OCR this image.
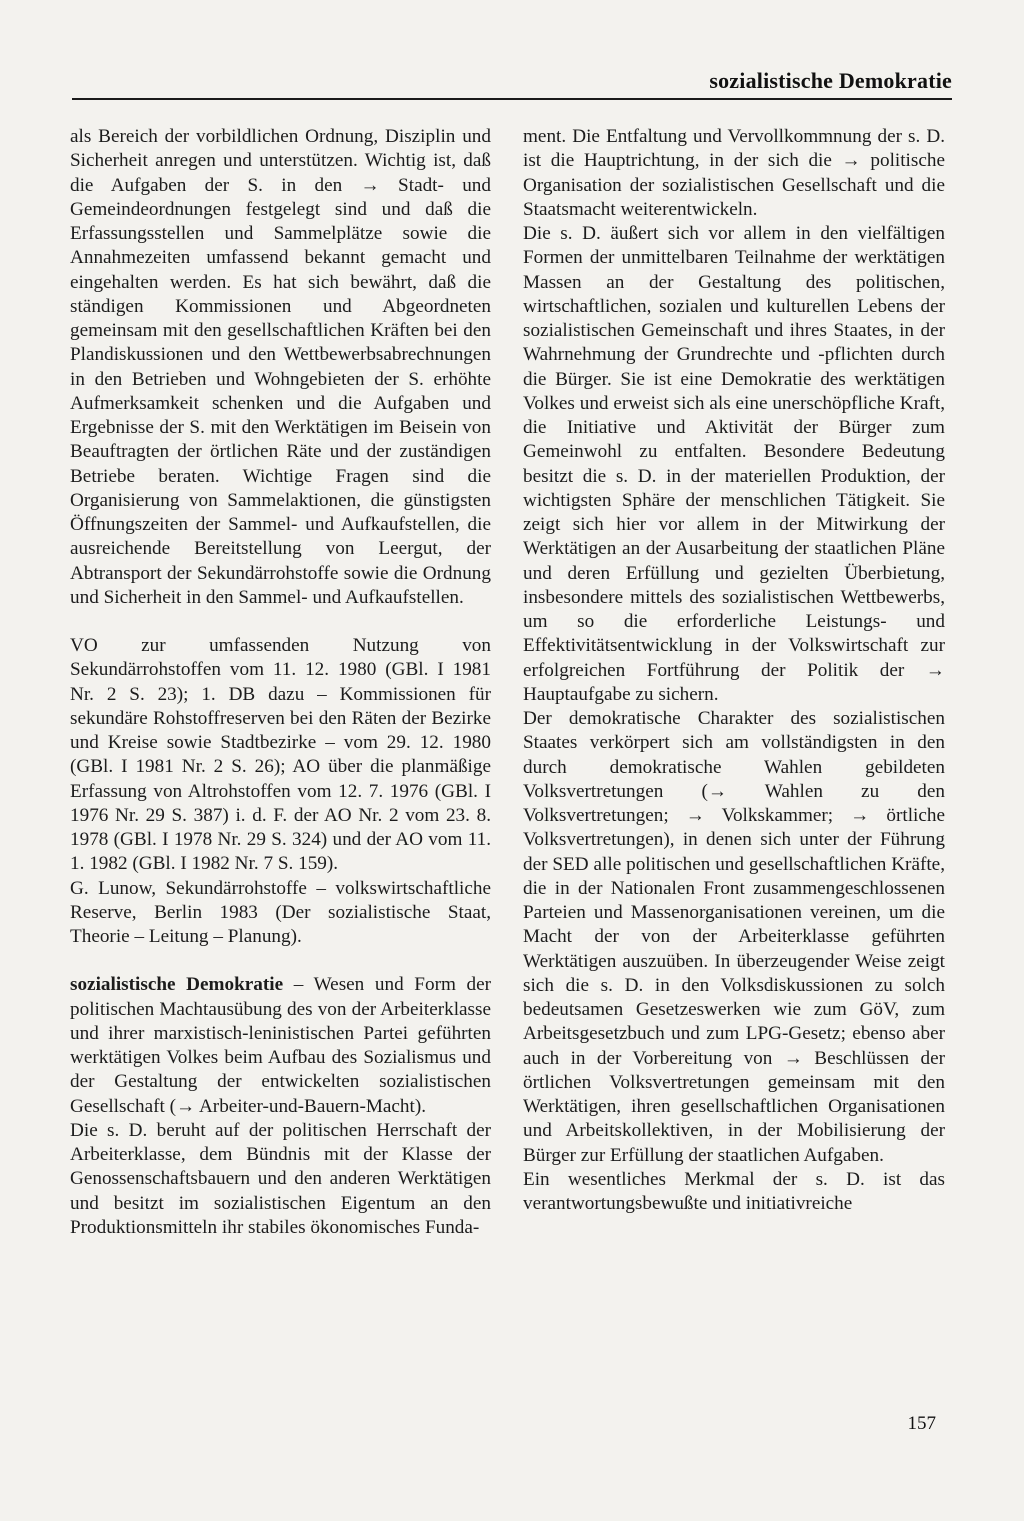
sozialistische Demokratie

als Bereich der vorbildlichen Ordnung, Disziplin und Sicherheit anregen und unterstützen. Wichtig ist, daß die Aufgaben der S. in den → Stadt- und Gemeindeordnungen festgelegt sind und daß die Erfassungsstellen und Sammelplätze sowie die Annahmezeiten umfassend bekannt gemacht und eingehalten werden. Es hat sich bewährt, daß die ständigen Kommissionen und Abgeordneten gemeinsam mit den gesellschaftlichen Kräften bei den Plandiskussionen und den Wettbewerbsabrechnungen in den Betrieben und Wohngebieten der S. erhöhte Aufmerksamkeit schenken und die Aufgaben und Ergebnisse der S. mit den Werktätigen im Beisein von Beauftragten der örtlichen Räte und der zuständigen Betriebe beraten. Wichtige Fragen sind die Organisierung von Sammelaktionen, die günstigsten Öffnungszeiten der Sammel- und Aufkaufstellen, die ausreichende Bereitstellung von Leergut, der Abtransport der Sekundärrohstoffe sowie die Ordnung und Sicherheit in den Sammel- und Aufkaufstellen.

VO zur umfassenden Nutzung von Sekundärrohstoffen vom 11. 12. 1980 (GBl. I 1981 Nr. 2 S. 23); 1. DB dazu – Kommissionen für sekundäre Rohstoffreserven bei den Räten der Bezirke und Kreise sowie Stadtbezirke – vom 29. 12. 1980 (GBl. I 1981 Nr. 2 S. 26); AO über die planmäßige Erfassung von Altrohstoffen vom 12. 7. 1976 (GBl. I 1976 Nr. 29 S. 387) i. d. F. der AO Nr. 2 vom 23. 8. 1978 (GBl. I 1978 Nr. 29 S. 324) und der AO vom 11. 1. 1982 (GBl. I 1982 Nr. 7 S. 159).

G. Lunow, Sekundärrohstoffe – volkswirtschaftliche Reserve, Berlin 1983 (Der sozialistische Staat, Theorie – Leitung – Planung).

sozialistische Demokratie – Wesen und Form der politischen Machtausübung des von der Arbeiterklasse und ihrer marxistisch-leninistischen Partei geführten werktätigen Volkes beim Aufbau des Sozialismus und der Gestaltung der entwickelten sozialistischen Gesellschaft (→ Arbeiter-und-Bauern-Macht).

Die s. D. beruht auf der politischen Herrschaft der Arbeiterklasse, dem Bündnis mit der Klasse der Genossenschaftsbauern und den anderen Werktätigen und besitzt im sozialistischen Eigentum an den Produktionsmitteln ihr stabiles ökonomisches Funda-

ment. Die Entfaltung und Vervollkommnung der s. D. ist die Hauptrichtung, in der sich die → politische Organisation der sozialistischen Gesellschaft und die Staatsmacht weiterentwickeln.

Die s. D. äußert sich vor allem in den vielfältigen Formen der unmittelbaren Teilnahme der werktätigen Massen an der Gestaltung des politischen, wirtschaftlichen, sozialen und kulturellen Lebens der sozialistischen Gemeinschaft und ihres Staates, in der Wahrnehmung der Grundrechte und -pflichten durch die Bürger. Sie ist eine Demokratie des werktätigen Volkes und erweist sich als eine unerschöpfliche Kraft, die Initiative und Aktivität der Bürger zum Gemeinwohl zu entfalten. Besondere Bedeutung besitzt die s. D. in der materiellen Produktion, der wichtigsten Sphäre der menschlichen Tätigkeit. Sie zeigt sich hier vor allem in der Mitwirkung der Werktätigen an der Ausarbeitung der staatlichen Pläne und deren Erfüllung und gezielten Überbietung, insbesondere mittels des sozialistischen Wettbewerbs, um so die erforderliche Leistungs- und Effektivitätsentwicklung in der Volkswirtschaft zur erfolgreichen Fortführung der Politik der → Hauptaufgabe zu sichern.

Der demokratische Charakter des sozialistischen Staates verkörpert sich am vollständigsten in den durch demokratische Wahlen gebildeten Volksvertretungen (→ Wahlen zu den Volksvertretungen; → Volkskammer; → örtliche Volksvertretungen), in denen sich unter der Führung der SED alle politischen und gesellschaftlichen Kräfte, die in der Nationalen Front zusammengeschlossenen Parteien und Massenorganisationen vereinen, um die Macht der von der Arbeiterklasse geführten Werktätigen auszuüben. In überzeugender Weise zeigt sich die s. D. in den Volksdiskussionen zu solch bedeutsamen Gesetzeswerken wie zum GöV, zum Arbeitsgesetzbuch und zum LPG-Gesetz; ebenso aber auch in der Vorbereitung von → Beschlüssen der örtlichen Volksvertretungen gemeinsam mit den Werktätigen, ihren gesellschaftlichen Organisationen und Arbeitskollektiven, in der Mobilisierung der Bürger zur Erfüllung der staatlichen Aufgaben.

Ein wesentliches Merkmal der s. D. ist das verantwortungsbewußte und initiativreiche

157
